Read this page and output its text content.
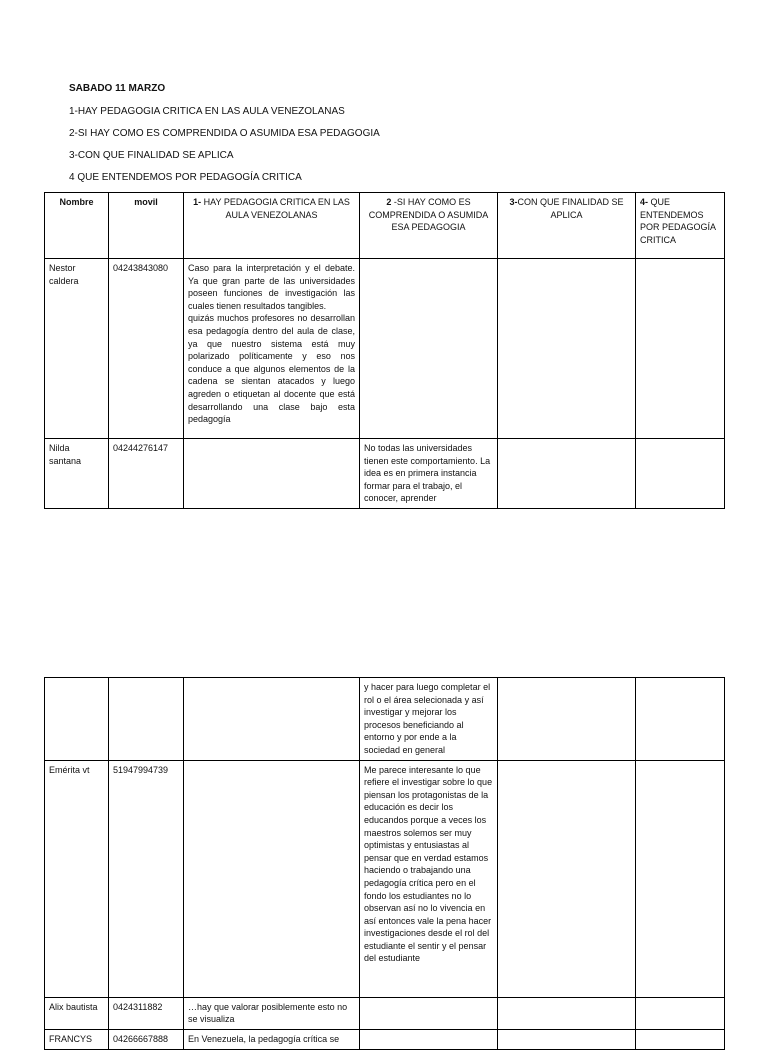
SABADO 11 MARZO
1-HAY PEDAGOGIA CRITICA EN LAS AULA VENEZOLANAS
2-SI HAY COMO ES COMPRENDIDA O ASUMIDA ESA PEDAGOGIA
3-CON QUE FINALIDAD SE APLICA
4 QUE ENTENDEMOS POR PEDAGOGÍA CRITICA
Nombre	movil	1- HAY PEDAGOGIA CRITICA EN LAS AULA VENEZOLANAS	2 -SI HAY COMO ES COMPRENDIDA O ASUMIDA ESA PEDAGOGIA	3-CON QUE FINALIDAD SE APLICA	4- QUE ENTENDEMOS POR PEDAGOGÍA CRITICA
Nestor caldera	04243843080	Caso para la interpretación y el debate. Ya que gran parte de las universidades poseen funciones de investigación las cuales tienen resultados tangibles.
quizás muchos profesores no desarrollan esa pedagogía dentro del aula de clase, ya que nuestro sistema está muy polarizado políticamente y eso nos conduce a que algunos elementos de la cadena se sientan atacados y luego agreden o etiquetan al docente que está desarrollando una clase bajo esta pedagogía			
Nilda santana	04244276147		No todas las universidades tienen este comportamiento. La idea es en primera instancia formar para el trabajo, el conocer, aprender		
			y hacer para luego completar el rol o el área selecionada y así investigar y mejorar los procesos beneficiando al entorno y por ende a la sociedad en general		
Emérita vt	51947994739		Me parece interesante lo que refiere el investigar sobre lo que piensan los protagonistas de la educación es decir los educandos porque a veces los maestros solemos ser muy optimistas y entusiastas al pensar que en verdad estamos haciendo o trabajando una pedagogía crítica pero en el fondo los estudiantes no lo observan así no lo vivencia en así entonces vale la pena hacer investigaciones desde el rol del estudiante el sentir y el pensar del estudiante		
Alix bautista	0424311882	…hay que valorar posiblemente esto no se visualiza			
FRANCYS	04266667888	En Venezuela, la pedagogía crítica se			
